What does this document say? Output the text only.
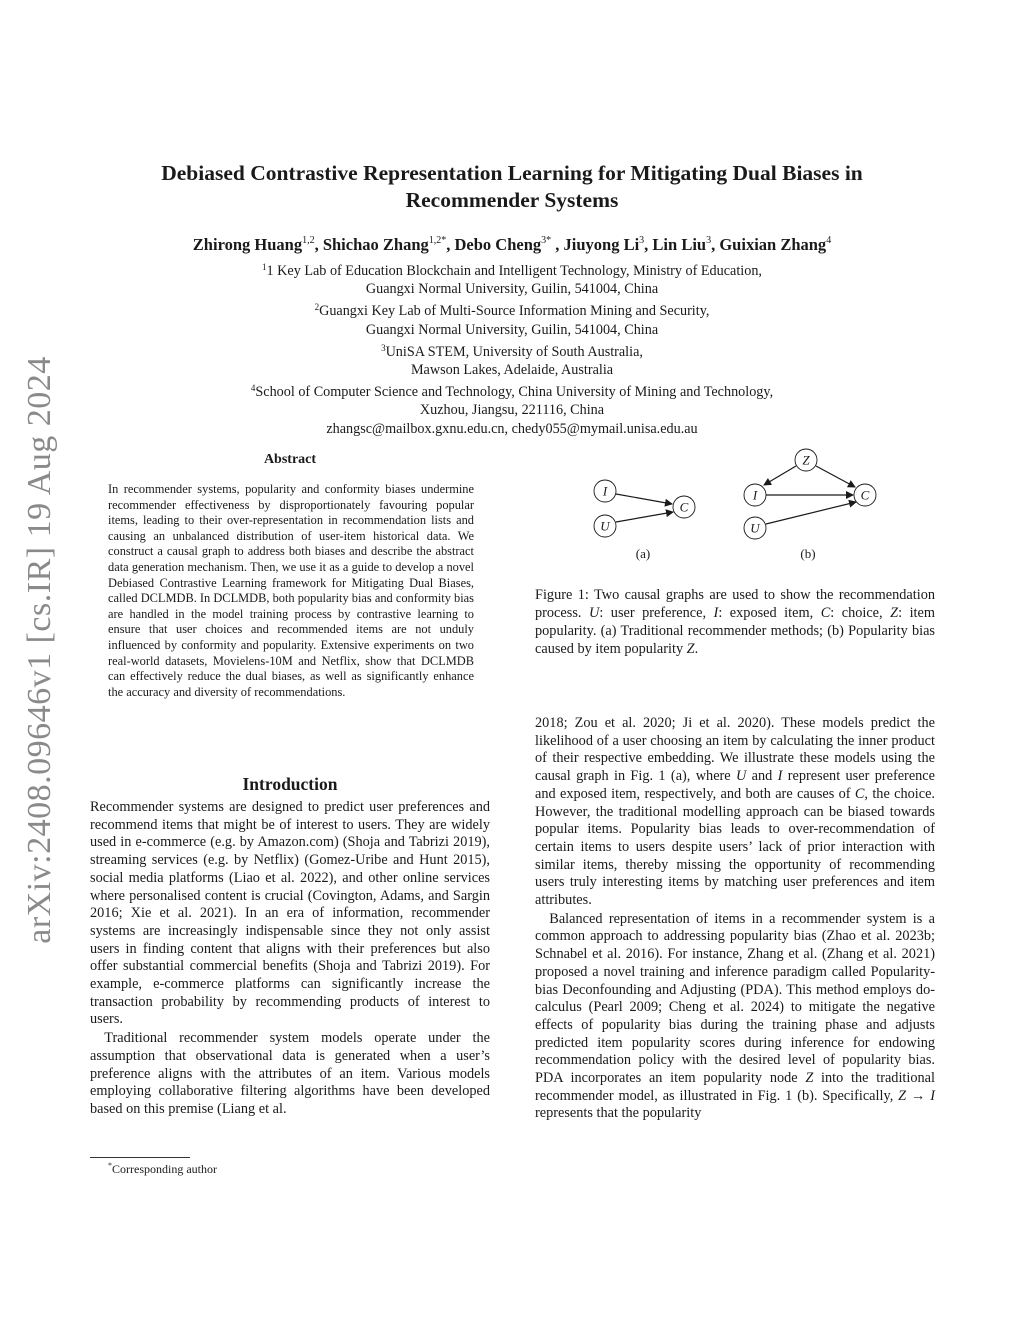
arXiv:2408.09646v1 [cs.IR] 19 Aug 2024
Debiased Contrastive Representation Learning for Mitigating Dual Biases in
Recommender Systems

Zhirong Huang$^{1,2}$, Shichao Zhang$^{1,2*}$, Debo Cheng$^{3*}$ , Jiuyong Li$^3$, Lin Liu$^3$, Guixian Zhang$^4$

$^1$1 Key Lab of Education Blockchain and Intelligent Technology, Ministry of Education,

Guangxi Normal University, Guilin, 541004, China

$^2$Guangxi Key Lab of Multi-Source Information Mining and Security,

Guangxi Normal University, Guilin, 541004, China

$^3$UniSA STEM, University of South Australia,

Mawson Lakes, Adelaide, Australia

$^4$School of Computer Science and Technology, China University of Mining and Technology,

Xuzhou, Jiangsu, 221116, China

zhangsc@mailbox.gxnu.edu.cn, chedy055@mymail.unisa.edu.au

Abstract

In recommender systems, popularity and conformity biases undermine recommender effectiveness by disproportionately favouring popular items, leading to their over-representation in recommendation lists and causing an unbalanced distribution of user-item historical data. We construct a causal graph to address both biases and describe the abstract data generation mechanism. Then, we use it as a guide to develop a novel Debiased Contrastive Learning framework for Mitigating Dual Biases, called DCLMDB. In DCLMDB, both popularity bias and conformity bias are handled in the model training process by contrastive learning to ensure that user choices and recommended items are not unduly influenced by conformity and popularity. Extensive experiments on two real-world datasets, Movielens-10M and Netflix, show that DCLMDB can effectively reduce the dual biases, as well as significantly enhance the accuracy and diversity of recommendations.

Introduction

Recommender systems are designed to predict user preferences and recommend items that might be of interest to users. They are widely used in e-commerce (e.g. by Amazon.com) (Shoja and Tabrizi 2019), streaming services (e.g. by Netflix) (Gomez-Uribe and Hunt 2015), social media platforms (Liao et al. 2022), and other online services where personalised content is crucial (Covington, Adams, and Sargin 2016; Xie et al. 2021). In an era of information, recommender systems are increasingly indispensable since they not only assist users in finding content that aligns with their preferences but also offer substantial commercial benefits (Shoja and Tabrizi 2019). For example, e-commerce platforms can significantly increase the transaction probability by recommending products of interest to users.

Traditional recommender system models operate under the assumption that observational data is generated when a user’s preference aligns with the attributes of an item. Various models employing collaborative filtering algorithms have been developed based on this premise (Liang et al.

*Corresponding author

I
U
C
(a)
Z
I
U
C
(b)

Figure 1: Two causal graphs are used to show the recommendation process. U: user preference, I: exposed item, C: choice, Z: item popularity. (a) Traditional recommender methods; (b) Popularity bias caused by item popularity Z.

2018; Zou et al. 2020; Ji et al. 2020). These models predict the likelihood of a user choosing an item by calculating the inner product of their respective embedding. We illustrate these models using the causal graph in Fig. 1 (a), where U and I represent user preference and exposed item, respectively, and both are causes of C, the choice. However, the traditional modelling approach can be biased towards popular items. Popularity bias leads to over-recommendation of certain items to users despite users’ lack of prior interaction with similar items, thereby missing the opportunity of recommending users truly interesting items by matching user preferences and item attributes.

Balanced representation of items in a recommender system is a common approach to addressing popularity bias (Zhao et al. 2023b; Schnabel et al. 2016). For instance, Zhang et al. (Zhang et al. 2021) proposed a novel training and inference paradigm called Popularity-bias Deconfounding and Adjusting (PDA). This method employs do-calculus (Pearl 2009; Cheng et al. 2024) to mitigate the negative effects of popularity bias during the training phase and adjusts predicted item popularity scores during inference for endowing recommendation policy with the desired level of popularity bias. PDA incorporates an item popularity node Z into the traditional recommender model, as illustrated in Fig. 1 (b). Specifically, Z → I represents that the popularity
